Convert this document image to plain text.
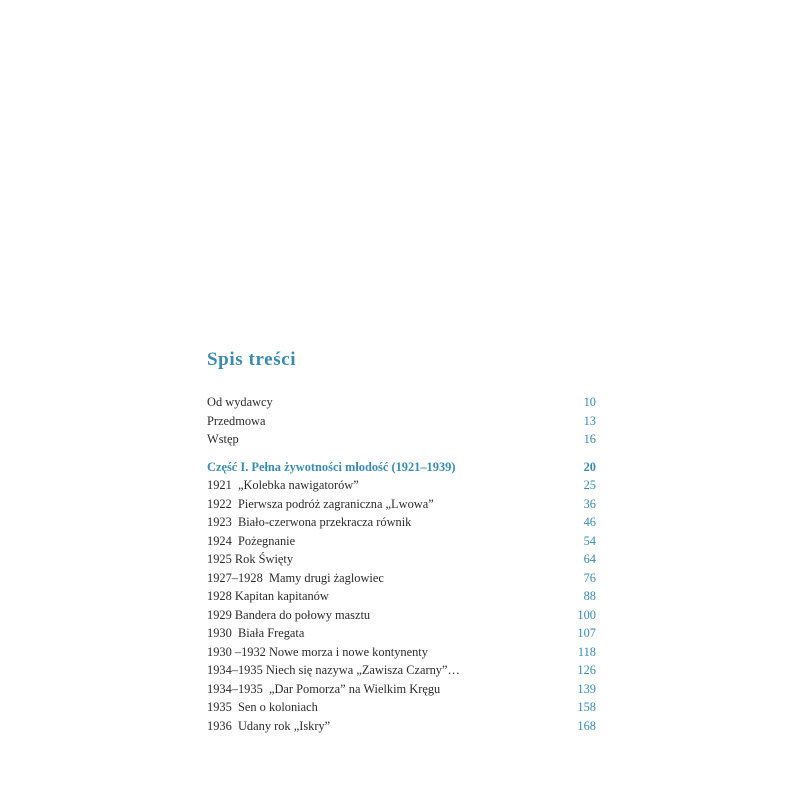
Spis treści
Od wydawcy	10
Przedmowa	13
Wstęp	16
Część I. Pełna żywotności młodość (1921–1939)	20
1921  „Kolebka nawigatorów”	25
1922  Pierwsza podróż zagraniczna „Lwowa”	36
1923  Biało-czerwona przekracza równik	46
1924  Pożegnanie	54
1925 Rok Święty	64
1927–1928  Mamy drugi żaglowiec	76
1928 Kapitan kapitanów	88
1929 Bandera do połowy masztu	100
1930  Biała Fregata	107
1930 –1932 Nowe morza i nowe kontynenty	118
1934–1935 Niech się nazywa „Zawisza Czarny”…	126
1934–1935  „Dar Pomorza” na Wielkim Kręgu	139
1935  Sen o koloniach	158
1936  Udany rok „Iskry”	168
